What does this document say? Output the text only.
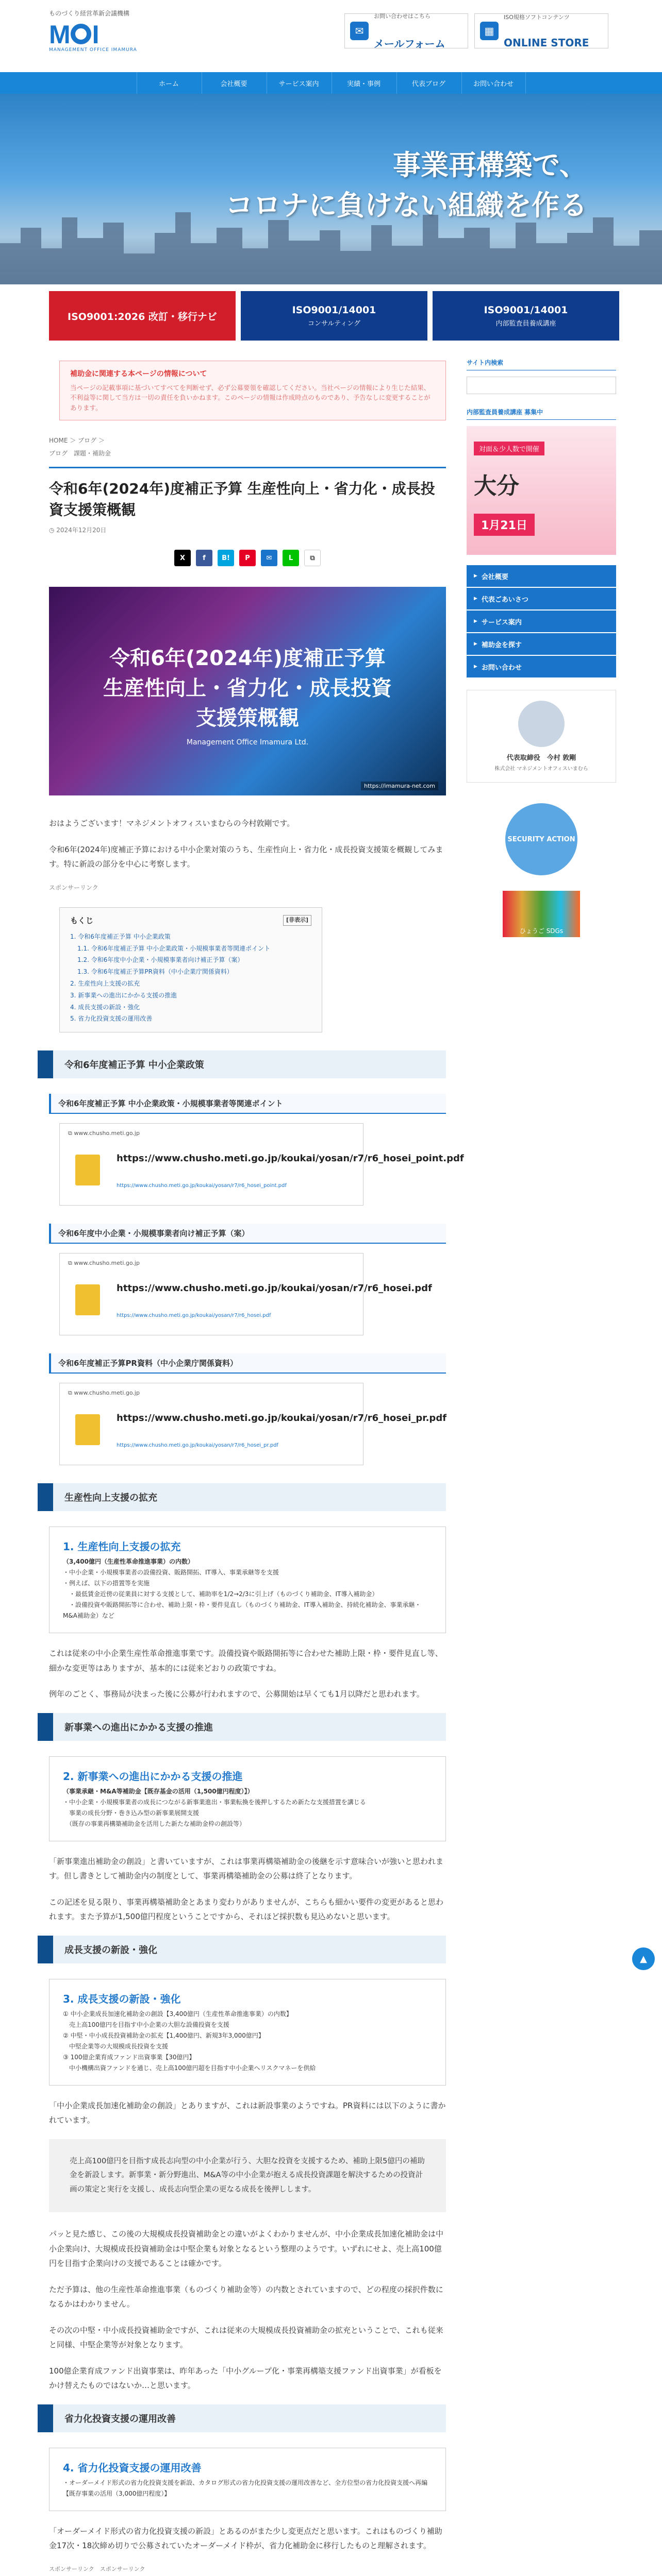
ものづくり経営革新会議機構
M I
MANAGEMENT OFFICE IMAMURA
✉
お問い合わせはこちら
メールフォーム
▦
ISO規格ソフトコンテンツ
ONLINE STORE
ホーム	会社概要	サービス案内	実績・事例	代表ブログ	お問い合わせ
事業再構築で、
コロナに負けない組織を作る
ISO9001:2026 改訂・移行ナビ
ISO9001/14001
コンサルティング
ISO9001/14001
内部監査員養成講座
補助金に関連する本ページの情報について
当ページの記載事項に基づいてすべてを判断せず、必ず公募要領を確認してください。当社ページの情報により生じた結果、不利益等に関して当方は一切の責任を負いかねます。このページの情報は作成時点のものであり、予告なしに変更することがあります。
HOME ＞ ブログ ＞
ブログ　課題・補助金
令和6年(2024年)度補正予算 生産性向上・省力化・成長投資支援策概観
◷ 2024年12月20日
X	f	B!	P	✉	L	⧉
令和6年(2024年)度補正予算
生産性向上・省力化・成長投資
支援策概観
Management Office Imamura Ltd.
https://imamura-net.com

おはようございます！マネジメントオフィスいまむらの今村敦剛です。

令和6年(2024年)度補正予算における中小企業対策のうち、生産性向上・省力化・成長投資支援策を概観してみます。特に新設の部分を中心に考察します。

スポンサーリンク
もくじ	[非表示]
1. 令和6年度補正予算 中小企業政策
1.1. 令和6年度補正予算 中小企業政策・小規模事業者等関連ポイント
1.2. 令和6年度中小企業・小規模事業者向け補正予算（案）
1.3. 令和6年度補正予算PR資料（中小企業庁関係資料）
2. 生産性向上支援の拡充
3. 新事業への進出にかかる支援の推進
4. 成長支援の新設・強化
5. 省力化投資支援の運用改善
令和6年度補正予算 中小企業政策
令和6年度補正予算 中小企業政策・小規模事業者等関連ポイント
⧉ www.chusho.meti.go.jp
https://www.chusho.meti.go.jp/koukai/yosan/r7/r6_hosei_point.pdf
https://www.chusho.meti.go.jp/koukai/yosan/r7/r6_hosei_point.pdf
令和6年度中小企業・小規模事業者向け補正予算（案）
⧉ www.chusho.meti.go.jp
https://www.chusho.meti.go.jp/koukai/yosan/r7/r6_hosei.pdf
https://www.chusho.meti.go.jp/koukai/yosan/r7/r6_hosei.pdf
令和6年度補正予算PR資料（中小企業庁関係資料）
⧉ www.chusho.meti.go.jp
https://www.chusho.meti.go.jp/koukai/yosan/r7/r6_hosei_pr.pdf
https://www.chusho.meti.go.jp/koukai/yosan/r7/r6_hosei_pr.pdf
生産性向上支援の拡充
1. 生産性向上支援の拡充
（3,400億円（生産性革命推進事業）の内数）
・中小企業・小規模事業者の設備投資、販路開拓、IT導入、事業承継等を支援
・例えば、以下の措置等を実施
　・最低賃金近傍の従業員に対する支援として、補助率を1/2→2/3に引上げ（ものづくり補助金、IT導入補助金）
　・設備投資や販路開拓等に合わせ、補助上限・枠・要件見直し（ものづくり補助金、IT導入補助金、持続化補助金、事業承継・M&A補助金）など

これは従来の中小企業生産性革命推進事業です。設備投資や販路開拓等に合わせた補助上限・枠・要件見直し等、細かな変更等はありますが、基本的には従来どおりの政策ですね。

例年のごとく、事務局が決まった後に公募が行われますので、公募開始は早くても1月以降だと思われます。

新事業への進出にかかる支援の推進
2. 新事業への進出にかかる支援の推進
（事業承継・M&A等補助金【既存基金の活用（1,500億円程度）】）
・中小企業・小規模事業者の成長につながる新事業進出・事業転換を後押しするため新たな支援措置を講じる
　事業の成長分野・巻き込み型の新事業展開支援
　（既存の事業再構築補助金を活用した新たな補助金枠の創設等）

「新事業進出補助金の創設」と書いていますが、これは事業再構築補助金の後継を示す意味合いが強いと思われます。但し書きとして補助金内の制度として、事業再構築補助金の公募は終了となります。

この記述を見る限り、事業再構築補助金とあまり変わりがありませんが、こちらも細かい要件の変更があると思われます。また予算が1,500億円程度ということですから、それほど採択数も見込めないと思います。

成長支援の新設・強化
3. 成長支援の新設・強化
① 中小企業成長加速化補助金の創設【3,400億円（生産性革命推進事業）の内数】
　売上高100億円を目指す中小企業の大胆な設備投資を支援
② 中堅・中小成長投資補助金の拡充【1,400億円、新規3年3,000億円】
　中堅企業等の大規模成長投資を支援
③ 100億企業育成ファンド出資事業【30億円】
　中小機構出資ファンドを通じ、売上高100億円超を目指す中小企業へリスクマネーを供給

「中小企業成長加速化補助金の創設」とありますが、これは新設事業のようですね。PR資料には以下のように書かれています。

売上高100億円を目指す成長志向型の中小企業が行う、大胆な投資を支援するため、補助上限5億円の補助金を新設します。新事業・新分野進出、M&A等の中小企業が抱える成長投資課題を解決するための投資計画の策定と実行を支援し、成長志向型企業の更なる成長を後押しします。

パッと見た感じ、この後の大規模成長投資補助金との違いがよくわかりませんが、中小企業成長加速化補助金は中小企業向け、大規模成長投資補助金は中堅企業も対象となるという整理のようです。いずれにせよ、売上高100億円を目指す企業向けの支援であることは確かです。

ただ予算は、他の生産性革命推進事業（ものづくり補助金等）の内数とされていますので、どの程度の採択件数になるかはわかりません。

その次の中堅・中小成長投資補助金ですが、これは従来の大規模成長投資補助金の拡充ということで、これも従来と同様、中堅企業等が対象となります。

100億企業育成ファンド出資事業は、昨年あった「中小グループ化・事業再構築支援ファンド出資事業」が看板をかけ替えたものではないか…と思います。

省力化投資支援の運用改善
4. 省力化投資支援の運用改善
・オーダーメイド形式の省力化投資支援を新設、カタログ形式の省力化投資支援の運用改善など、全方位型の省力化投資支援へ再編【既存事業の活用（3,000億円程度）】

「オーダーメイド形式の省力化投資支援の新設」とあるのがまた少し変更点だと思います。これはものづくり補助金17次・18次締め切りで公募されていたオーダーメイド枠が、省力化補助金に移行したものと理解されます。

スポンサーリンク　スポンサーリンク
サイト内検索
内部監査員養成講座 募集中
対面＆少人数で開催
大分
1月21日
▶ 会社概要
▶ 代表ごあいさつ
▶ サービス案内
▶ 補助金を探す
▶ お問い合わせ
代表取締役　今村 敦剛
株式会社 マネジメントオフィスいまむら
SECURITY ACTION
ひょうご SDGs
▲
